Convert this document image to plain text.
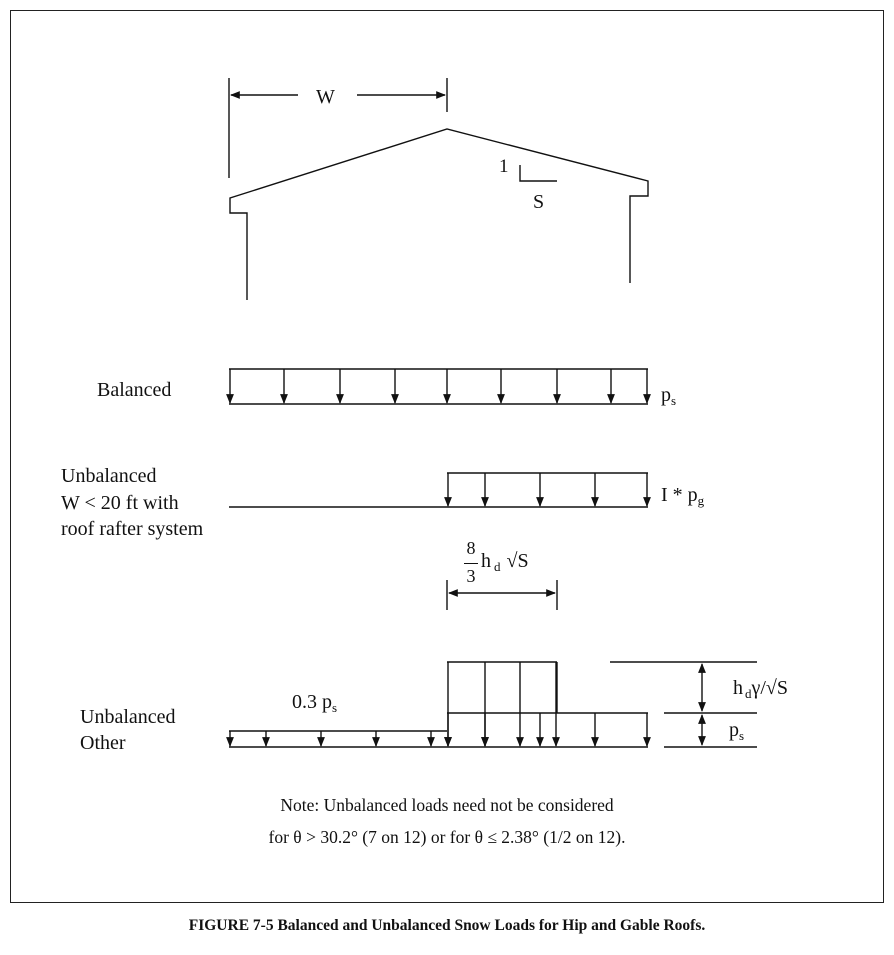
W
1
S
Balanced	$p_s$
Unbalanced
W < 20 ft with
roof rafter system
I * $p_g$
8
3
h $_d$ √S
Unbalanced
Other
0.3 $p_s$
h $_d$γ/√S
$p_s$
Note: Unbalanced loads need not be considered
for θ > 30.2° (7 on 12) or for θ ≤ 2.38° (1/2 on 12).
FIGURE 7-5 Balanced and Unbalanced Snow Loads for Hip and Gable Roofs.
